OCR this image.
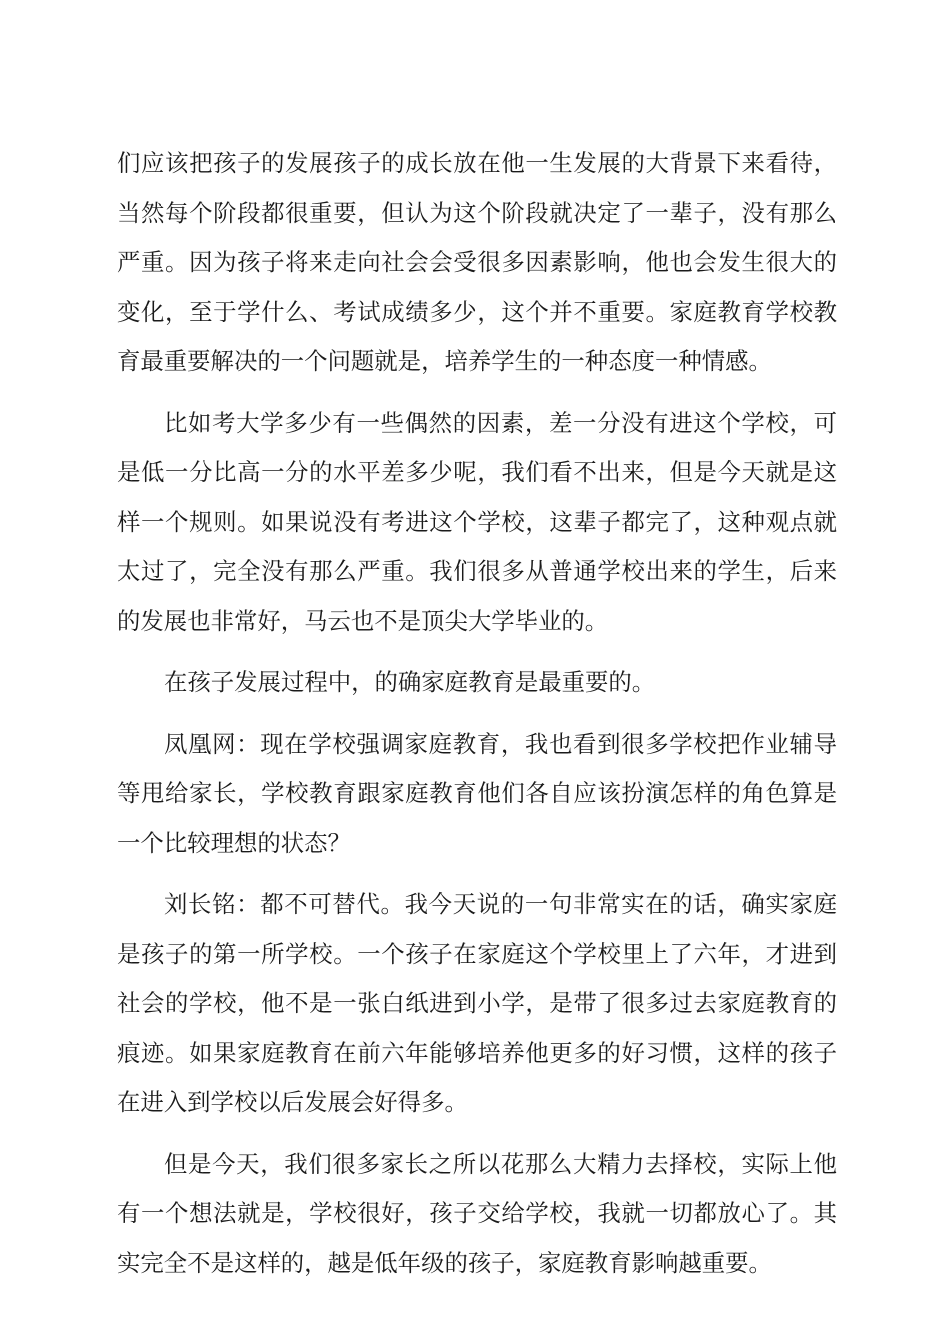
们应该把孩子的发展孩子的成长放在他一生发展的大背景下来看待，当然每个阶段都很重要，但认为这个阶段就决定了一辈子，没有那么严重。因为孩子将来走向社会会受很多因素影响，他也会发生很大的变化，至于学什么、考试成绩多少，这个并不重要。家庭教育学校教育最重要解决的一个问题就是，培养学生的一种态度一种情感。

比如考大学多少有一些偶然的因素，差一分没有进这个学校，可是低一分比高一分的水平差多少呢，我们看不出来，但是今天就是这样一个规则。如果说没有考进这个学校，这辈子都完了，这种观点就太过了，完全没有那么严重。我们很多从普通学校出来的学生，后来的发展也非常好，马云也不是顶尖大学毕业的。

在孩子发展过程中，的确家庭教育是最重要的。

凤凰网：现在学校强调家庭教育，我也看到很多学校把作业辅导等甩给家长，学校教育跟家庭教育他们各自应该扮演怎样的角色算是一个比较理想的状态？

刘长铭：都不可替代。我今天说的一句非常实在的话，确实家庭是孩子的第一所学校。一个孩子在家庭这个学校里上了六年，才进到社会的学校，他不是一张白纸进到小学，是带了很多过去家庭教育的痕迹。如果家庭教育在前六年能够培养他更多的好习惯，这样的孩子在进入到学校以后发展会好得多。

但是今天，我们很多家长之所以花那么大精力去择校，实际上他有一个想法就是，学校很好，孩子交给学校，我就一切都放心了。其实完全不是这样的，越是低年级的孩子，家庭教育影响越重要。
